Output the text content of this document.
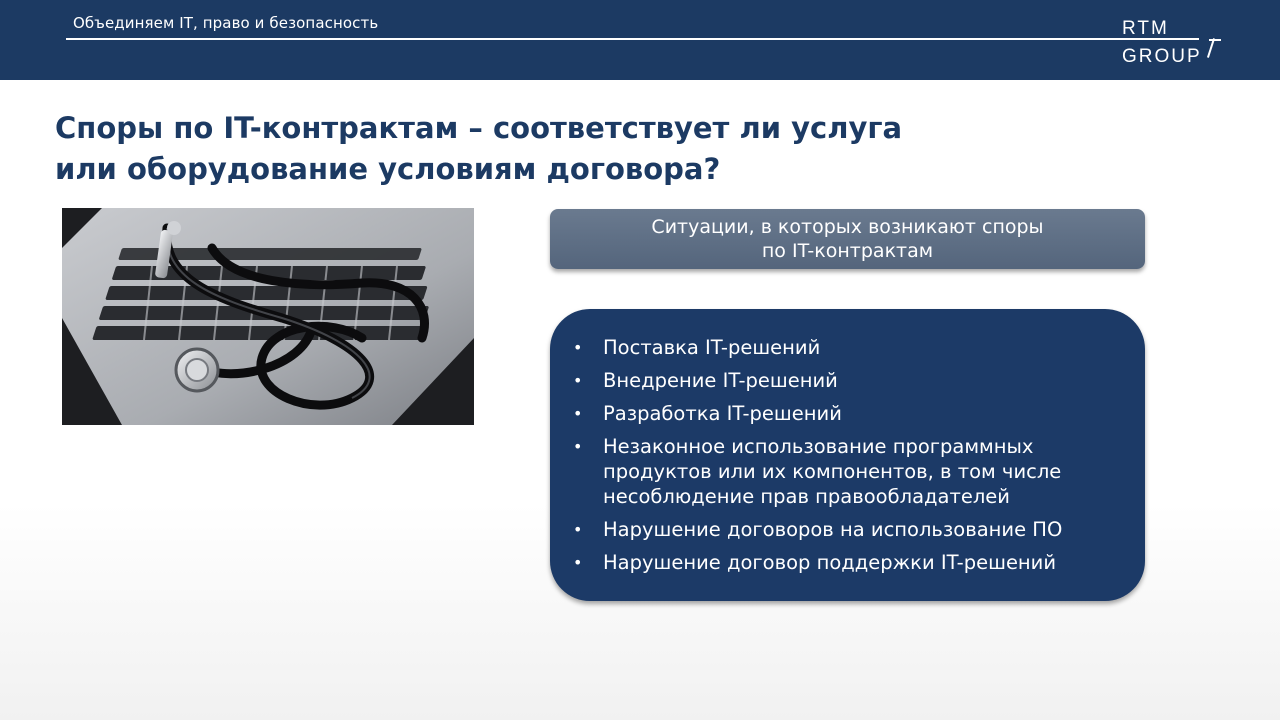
Объединяем IT, право и безопасность	RTM
GROUP
Споры по IT-контрактам – соответствует ли услуга
или оборудование условиям договора?
Ситуации, в которых возникают споры
по IT-контрактам
• Поставка IT-решений
• Внедрение IT-решений
• Разработка IT-решений
• Незаконное использование программных
продуктов или их компонентов, в том числе
несоблюдение прав правообладателей
• Нарушение договоров на использование ПО
• Нарушение договор поддержки IT-решений
